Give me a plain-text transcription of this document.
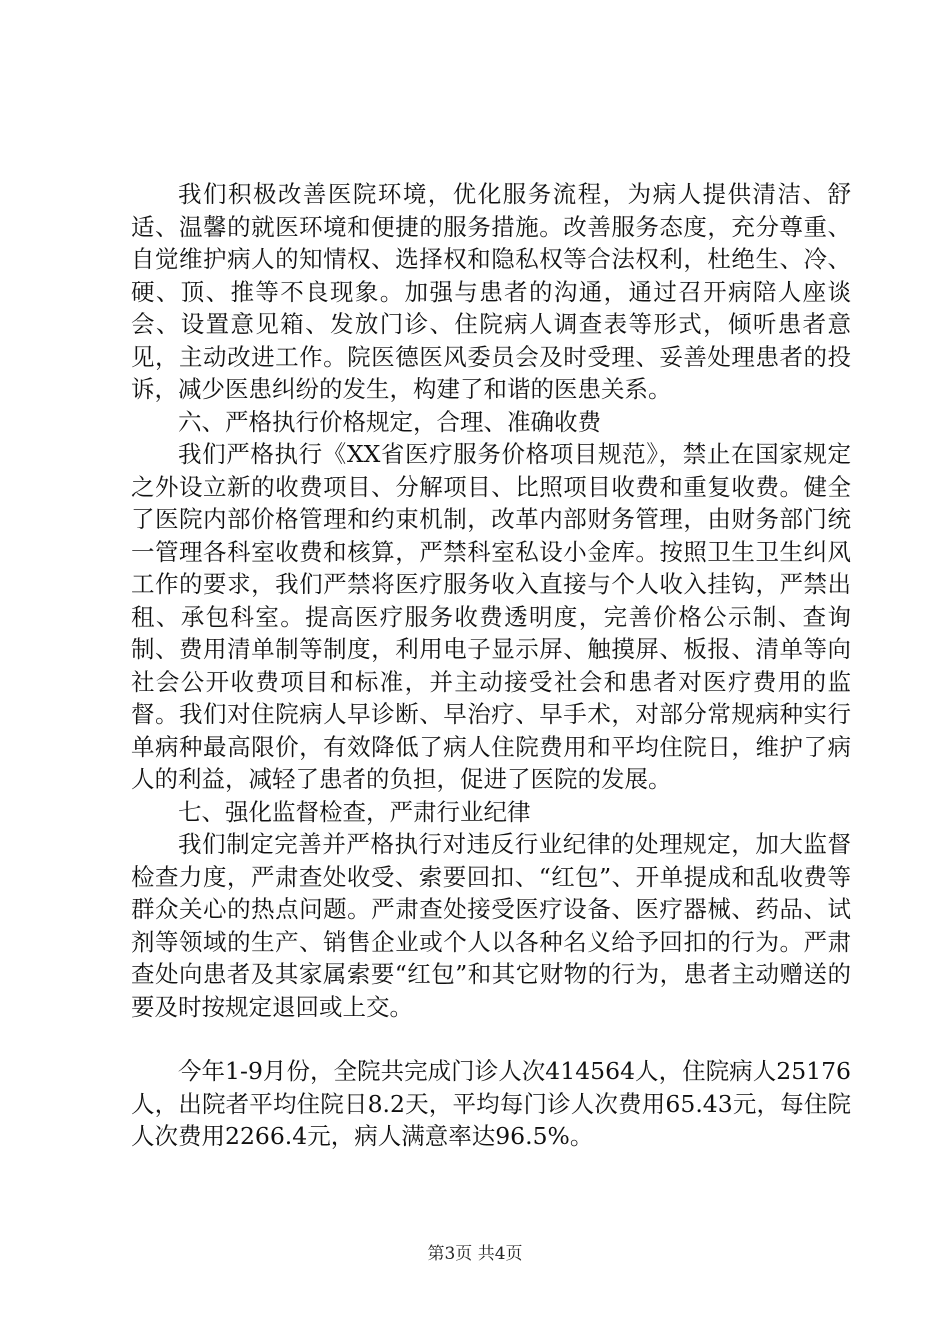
我们积极改善医院环境，优化服务流程，为病人提供清洁、舒适、温馨的就医环境和便捷的服务措施。改善服务态度，充分尊重、自觉维护病人的知情权、选择权和隐私权等合法权利，杜绝生、冷、硬、顶、推等不良现象。加强与患者的沟通，通过召开病陪人座谈会、设置意见箱、发放门诊、住院病人调查表等形式，倾听患者意见，主动改进工作。院医德医风委员会及时受理、妥善处理患者的投诉，减少医患纠纷的发生，构建了和谐的医患关系。

六、严格执行价格规定，合理、准确收费

我们严格执行《XX省医疗服务价格项目规范》，禁止在国家规定之外设立新的收费项目、分解项目、比照项目收费和重复收费。健全了医院内部价格管理和约束机制，改革内部财务管理，由财务部门统一管理各科室收费和核算，严禁科室私设小金库。按照卫生卫生纠风工作的要求，我们严禁将医疗服务收入直接与个人收入挂钩，严禁出租、承包科室。提高医疗服务收费透明度，完善价格公示制、查询制、费用清单制等制度，利用电子显示屏、触摸屏、板报、清单等向社会公开收费项目和标准，并主动接受社会和患者对医疗费用的监督。我们对住院病人早诊断、早治疗、早手术，对部分常规病种实行单病种最高限价，有效降低了病人住院费用和平均住院日，维护了病人的利益，减轻了患者的负担，促进了医院的发展。

七、强化监督检查，严肃行业纪律

我们制定完善并严格执行对违反行业纪律的处理规定，加大监督检查力度，严肃查处收受、索要回扣、“红包”、开单提成和乱收费等群众关心的热点问题。严肃查处接受医疗设备、医疗器械、药品、试剂等领域的生产、销售企业或个人以各种名义给予回扣的行为。严肃查处向患者及其家属索要“红包”和其它财物的行为，患者主动赠送的要及时按规定退回或上交。

今年1-9月份，全院共完成门诊人次414564人，住院病人25176人，出院者平均住院日8.2天，平均每门诊人次费用65.43元，每住院人次费用2266.4元，病人满意率达96.5%。

第3页 共4页
